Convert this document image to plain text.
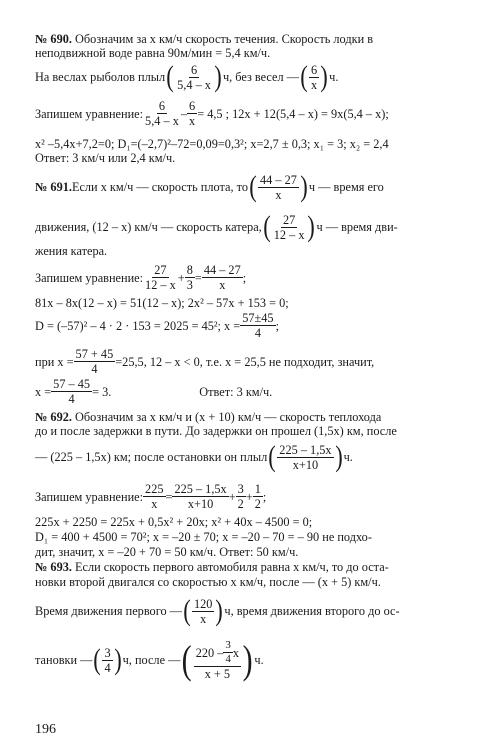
№ 690. Обозначим за x км/ч скорость течения. Скорость лодки в
неподвижной воде равна 90м/мин = 5,4 км/ч.
На веслах рыболов плыл ( 6
5,4 – x ) ч, без весел — ( 6
x ) ч.
Запишем уравнение: $\frac{6}{5,4 - x} - \frac{6}{x} = 4,5$ ; 12x + 12(5,4 – x) = 9x(5,4 – x);
x² –5,4x+7,2=0; D₁=(–2,7)²–72=0,09=0,3²; x=2,7 ± 0,3; x₁ = 3; x₂ = 2,4
Ответ: 3 км/ч или 2,4 км/ч.
№ 691.Если x км/ч — скорость плота, то ( 44 – 27
x ) ч — время его
движения, (12 – x) км/ч — скорость катера, ( 27
12 – x ) ч — время дви-
жения катера.
Запишем уравнение: $\frac{27}{12 - x} + \frac{8}{3} = \frac{44 - 27}{x}$ ;
81x – 8x(12 – x) = 51(12 – x); 2x² – 57x + 153 = 0;
D = (–57)² – 4 · 2 · 153 = 2025 = 45²; $x = \frac{57\pm 45}{4}$ ;
при $x = \frac{57 + 45}{4} =25,5$, 12 – x < 0, т.е. x = 25,5 не подходит, значит,
$x = \frac{57 - 45}{4} = 3$.	Ответ: 3 км/ч.
№ 692. Обозначим за x км/ч и (x + 10) км/ч — скорость теплохода
до и после задержки в пути. До задержки он прошел (1,5x) км, после
— (225 – 1,5x) км; после остановки он плыл ( 225 – 1,5x
x+10 ) ч.
Запишем уравнение: $\frac{225}{x} = \frac{225 - 1,5x}{x+10} + \frac{3}{2} + \frac{1}{2}$ ;
225x + 2250 = 225x + 0,5x² + 20x; x² + 40x – 4500 = 0;
D₁ = 400 + 4500 = 70²; x = –20 ± 70; x = –20 – 70 = – 90 не подхо-
дит, значит, x = –20 + 70 = 50 км/ч. Ответ: 50 км/ч.
№ 693. Если скорость первого автомобиля равна x км/ч, то до оста-
новки второй двигался со скоростью x км/ч, после — (x + 5) км/ч.
Время движения первого — ( 120
x ) ч, время движения второго до ос-
тановки — ( 3
4 ) ч, после — ( $220 - \frac{3}{4}$ x
x + 5 ) ч.
196
